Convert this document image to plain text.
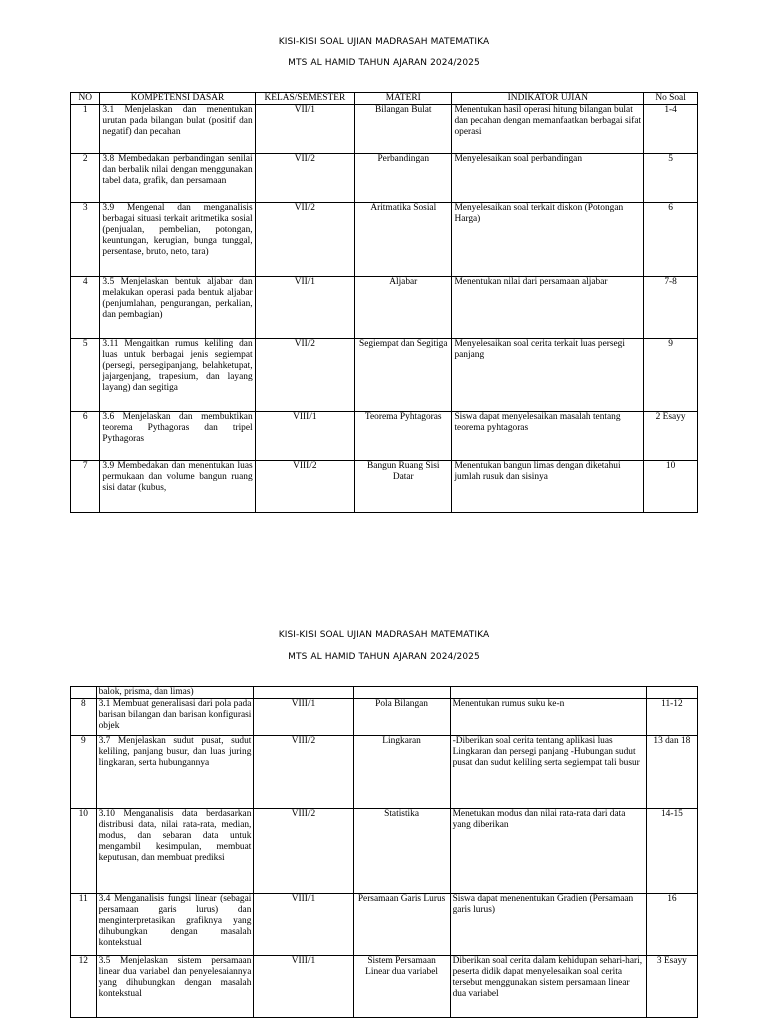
KISI-KISI SOAL UJIAN MADRASAH MATEMATIKA
MTS AL HAMID TAHUN AJARAN 2024/2025
NO	KOMPETENSI DASAR	KELAS/SEMESTER	MATERI	INDIKATOR UJIAN	No Soal
1	3.1 Menjelaskan dan menentukan urutan pada bilangan bulat (positif dan negatif) dan pecahan	VII/1	Bilangan Bulat	Menentukan hasil operasi hitung bilangan bulat dan pecahan dengan memanfaatkan berbagai sifat operasi	1-4
2	3.8 Membedakan perbandingan senilai dan berbalik nilai dengan menggunakan tabel data, grafik, dan persamaan	VII/2	Perbandingan	Menyelesaikan soal perbandingan	5
3	3.9 Mengenal dan menganalisis berbagai situasi terkait aritmetika sosial (penjualan, pembelian, potongan, keuntungan, kerugian, bunga tunggal, persentase, bruto, neto, tara)	VII/2	Aritmatika Sosial	Menyelesaikan soal terkait diskon (Potongan Harga)	6
4	3.5 Menjelaskan bentuk aljabar dan melakukan operasi pada bentuk aljabar (penjumlahan, pengurangan, perkalian, dan pembagian)	VII/1	Aljabar	Menentukan nilai dari persamaan aljabar	7-8
5	3.11 Mengaitkan rumus keliling dan luas untuk berbagai jenis segiempat (persegi, persegipanjang, belahketupat, jajargenjang, trapesium, dan layang layang) dan segitiga	VII/2	Segiempat dan Segitiga	Menyelesaikan soal cerita terkait luas persegi panjang	9
6	3.6 Menjelaskan dan membuktikan teorema Pythagoras dan tripel Pythagoras	VIII/1	Teorema Pyhtagoras	Siswa dapat menyelesaikan masalah tentang teorema pyhtagoras	2 Esayy
7	3.9 Membedakan dan menentukan luas permukaan dan volume bangun ruang sisi datar (kubus,	VIII/2	Bangun Ruang Sisi Datar	Menentukan bangun limas dengan diketahui jumlah rusuk dan sisinya	10
KISI-KISI SOAL UJIAN MADRASAH MATEMATIKA
MTS AL HAMID TAHUN AJARAN 2024/2025
	balok, prisma, dan limas)				
8	3.1 Membuat generalisasi dari pola pada barisan bilangan dan barisan konfigurasi objek	VIII/1	Pola Bilangan	Menentukan rumus suku ke-n	11-12
9	3.7 Menjelaskan sudut pusat, sudut keliling, panjang busur, dan luas juring lingkaran, serta hubungannya	VIII/2	Lingkaran	-Diberikan soal cerita tentang aplikasi luas Lingkaran dan persegi panjang -Hubungan sudut pusat dan sudut keliling serta segiempat tali busur	13 dan 18
10	3.10 Menganalisis data berdasarkan distribusi data, nilai rata-rata, median, modus, dan sebaran data untuk mengambil kesimpulan, membuat keputusan, dan membuat prediksi	VIII/2	Statistika	Menetukan modus dan nilai rata-rata dari data yang diberikan	14-15
11	3.4 Menganalisis fungsi linear (sebagai persamaan garis lurus) dan menginterpretasikan grafiknya yang dihubungkan dengan masalah kontekstual	VIII/1	Persamaan Garis Lurus	Siswa dapat menenentukan Gradien (Persamaan garis lurus)	16
12	3.5 Menjelaskan sistem persamaan linear dua variabel dan penyelesaiannya yang dihubungkan dengan masalah kontekstual	VIII/1	Sistem Persamaan Linear dua variabel	Diberikan soal cerita dalam kehidupan sehari-hari, peserta didik dapat menyelesaikan soal cerita tersebut menggunakan sistem persamaan linear dua variabel	3 Esayy
